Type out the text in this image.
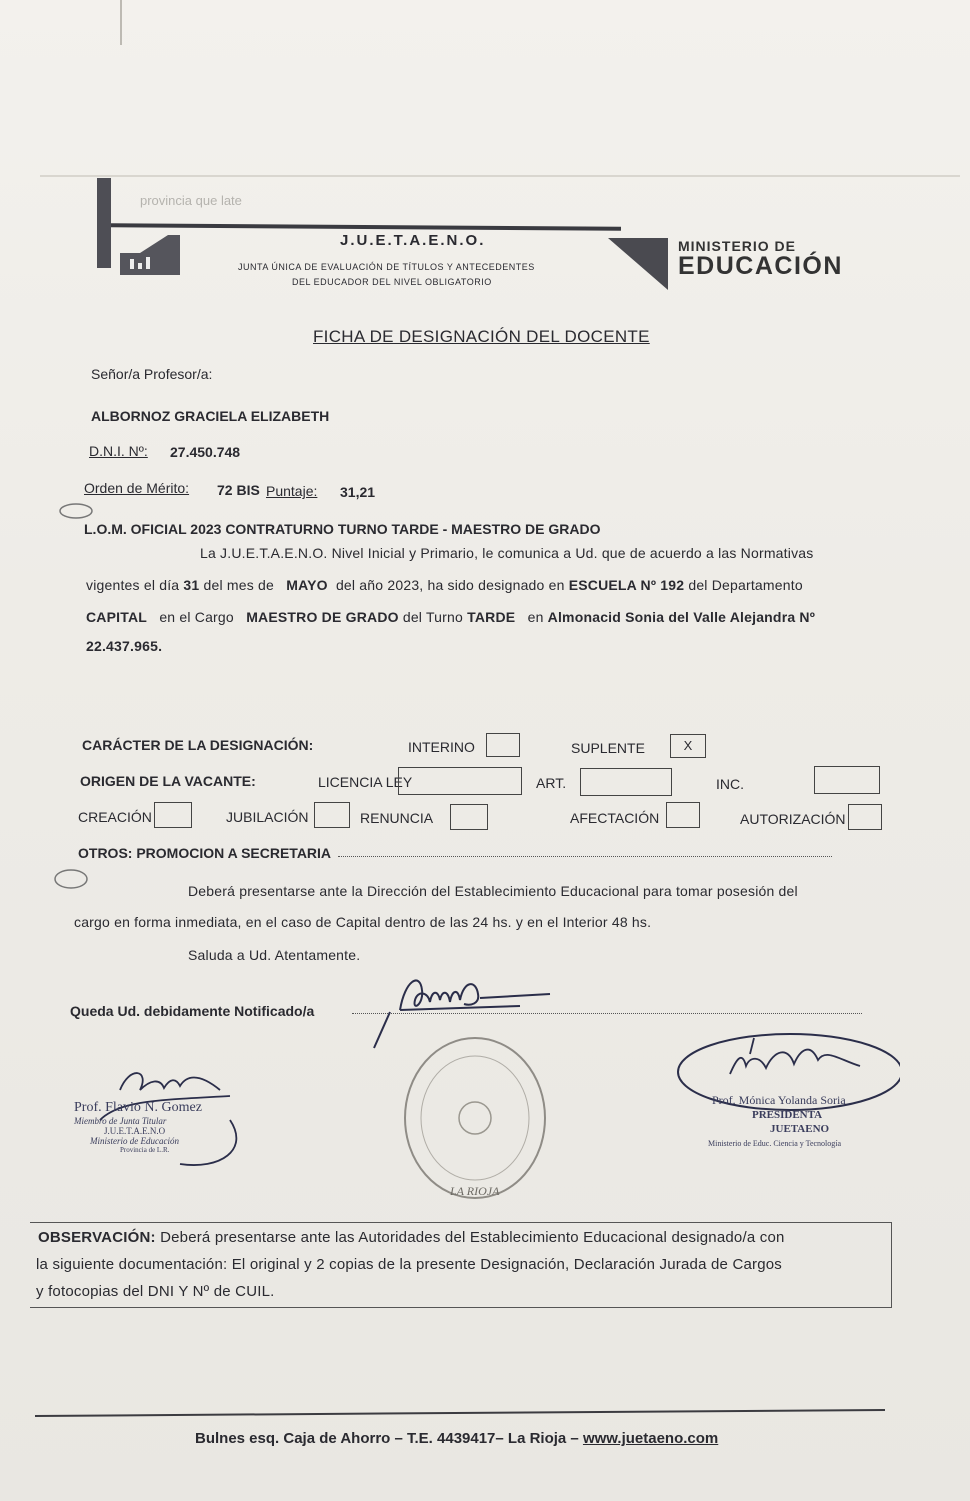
provincia que late
J.U.E.T.A.E.N.O.
JUNTA ÚNICA DE EVALUACIÓN DE TÍTULOS Y ANTECEDENTES
DEL EDUCADOR DEL NIVEL OBLIGATORIO
MINISTERIO DE
EDUCACIÓN
FICHA DE DESIGNACIÓN DEL DOCENTE
Señor/a Profesor/a:
ALBORNOZ GRACIELA ELIZABETH
D.N.I. Nº: 27.450.748
Orden de Mérito: 72 BIS Puntaje: 31,21
L.O.M. OFICIAL 2023 CONTRATURNO TURNO TARDE - MAESTRO DE GRADO
La J.U.E.T.A.E.N.O. Nivel Inicial y Primario, le comunica a Ud. que de acuerdo a las Normativas
vigentes el día 31 del mes de MAYO del año 2023, ha sido designado en ESCUELA Nº 192 del Departamento
CAPITAL en el Cargo MAESTRO DE GRADO del Turno TARDE en Almonacid Sonia del Valle Alejandra Nº
22.437.965.
CARÁCTER DE LA DESIGNACIÓN:	INTERINO	SUPLENTE	X
ORIGEN DE LA VACANTE:	LICENCIA LEY	ART.	INC.
CREACIÓN	JUBILACIÓN	RENUNCIA	AFECTACIÓN	AUTORIZACIÓN
OTROS: PROMOCION A SECRETARIA
Deberá presentarse ante la Dirección del Establecimiento Educacional para tomar posesión del
cargo en forma inmediata, en el caso de Capital dentro de las 24 hs. y en el Interior 48 hs.
Saluda a Ud. Atentamente.
Queda Ud. debidamente Notificado/a
Prof. Flavio N. Gomez
Miembro de Junta Titular
J.U.E.T.A.E.N.O
Ministerio de Educación
Provincia de L.R.
LA RIOJA
Prof. Mónica Yolanda Soria
PRESIDENTA
JUETAENO
Ministerio de Educ. Ciencia y Tecnología
OBSERVACIÓN: Deberá presentarse ante las Autoridades del Establecimiento Educacional designado/a con
la siguiente documentación: El original y 2 copias de la presente Designación, Declaración Jurada de Cargos
y fotocopias del DNI Y Nº de CUIL.
Bulnes esq. Caja de Ahorro – T.E. 4439417– La Rioja – www.juetaeno.com
